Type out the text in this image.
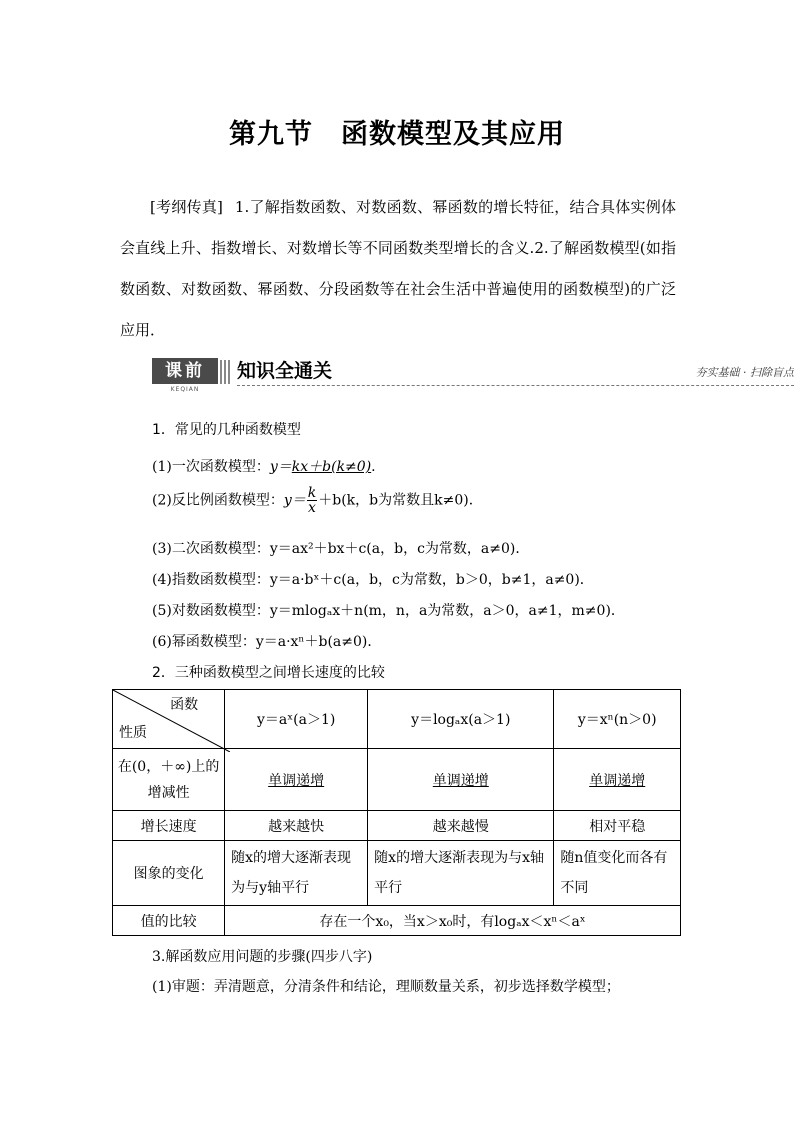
第九节　函数模型及其应用
[考纲传真] 1.了解指数函数、对数函数、幂函数的增长特征，结合具体实例体会直线上升、指数增长、对数增长等不同函数类型增长的含义.2.了解函数模型(如指数函数、对数函数、幂函数、分段函数等在社会生活中普遍使用的函数模型)的广泛应用．
课前
KEQIAN
知识全通关	夯实基础 · 扫除盲点
1．常见的几种函数模型
(1)一次函数模型：y＝kx＋b(k≠0).
(2)反比例函数模型：$y= \frac{k}{x} +b(k$，b为常数且k≠0)．
(3)二次函数模型：y＝ax²＋bx＋c(a，b，c为常数，a≠0)．
(4)指数函数模型：y＝a·bˣ＋c(a，b，c为常数，b＞0，b≠1，a≠0)．
(5)对数函数模型：y＝mlogₐx＋n(m，n，a为常数，a＞0，a≠1，m≠0)．
(6)幂函数模型：y＝a·xⁿ＋b(a≠0)．
2．三种函数模型之间增长速度的比较
函数
性质	y＝aˣ(a＞1)	y＝logₐx(a＞1)	y＝xⁿ(n＞0)
在(0，＋∞)上的增减性	单调递增	单调递增	单调递增
增长速度	越来越快	越来越慢	相对平稳
图象的变化	随x的增大逐渐表现为与y轴平行	随x的增大逐渐表现为与x轴平行	随n值变化而各有不同
值的比较	存在一个x₀，当x＞x₀时，有logₐx＜xⁿ＜aˣ		
3.解函数应用问题的步骤(四步八字)
(1)审题：弄清题意，分清条件和结论，理顺数量关系，初步选择数学模型；
